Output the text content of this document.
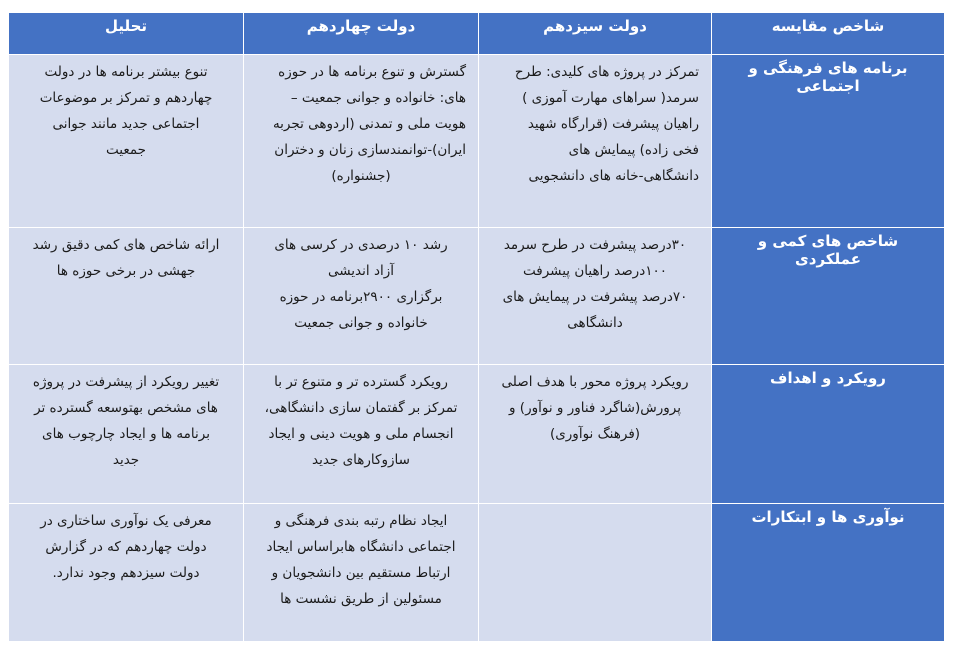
شاخص مقایسه	دولت سیزدهم	دولت چهاردهم	تحلیل
برنامه های فرهنگی و اجتماعی	تمرکز در پروژه های کلیدی: طرح
سرمد( سراهای مهارت آموزی )
راهیان پیشرفت (قرارگاه شهید
فخی زاده) پیمایش های
دانشگاهی-خانه های دانشجویی	گسترش و تنوع برنامه ها در حوزه
های: خانواده و جوانی جمعیت –
هویت ملی و تمدنی (اردوهی تجربه
ایران)-توانمندسازی زنان و دختران
(جشنواره)	تنوع بیشتر برنامه ها در دولت
چهاردهم و تمرکز بر موضوعات
اجتماعی جدید مانند جوانی
جمعیت

شاخص های کمی و عملکردی	۳۰درصد پیشرفت در طرح سرمد
۱۰۰درصد راهیان پیشرفت
۷۰درصد پیشرفت در پیمایش های
دانشگاهی	رشد ۱۰ درصدی در کرسی های
آزاد اندیشی
برگزاری ۲۹۰۰برنامه در حوزه
خانواده و جوانی جمعیت	ارائه شاخص های کمی دقیق رشد
جهشی در برخی حوزه ها

رویکرد و اهداف	رویکرد پروژه محور با هدف اصلی
پرورش(شاگرد فناور و نوآور) و
(فرهنگ نوآوری)	رویکرد گسترده تر و متنوع تر با
تمرکز بر گفتمان سازی دانشگاهی،
انجسام ملی و هویت دینی و ایجاد
سازوکارهای جدید	تغییر رویکرد از پیشرفت در پروژه
های مشخص بهتوسعه گسترده تر
برنامه ها و ایجاد چارچوب های
جدید

نوآوری ها و ابتکارات		ایجاد نظام رتبه بندی فرهنگی و
اجتماعی دانشگاه هابراساس ایجاد
ارتباط مستقیم بین دانشجویان و
مسئولین از طریق نشست ها	معرفی یک نوآوری ساختاری در
دولت چهاردهم که در گزارش
دولت سیزدهم وجود ندارد.
